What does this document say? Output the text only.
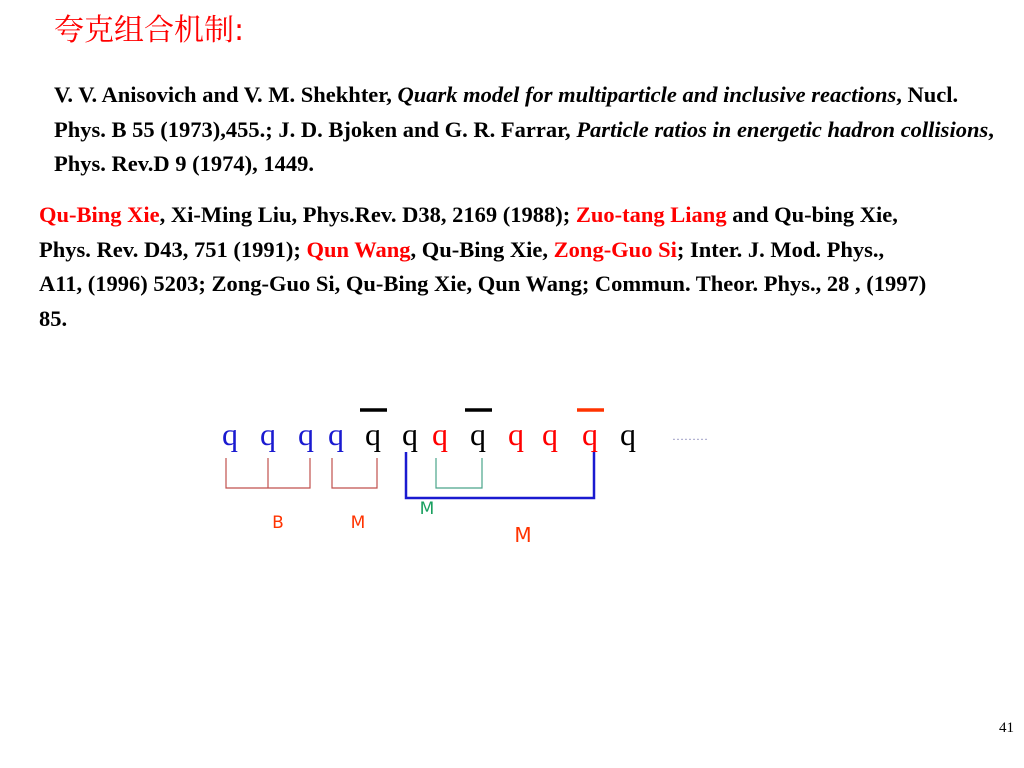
夸克组合机制:
V. V. Anisovich and V. M. Shekhter, Quark model for multiparticle and inclusive reactions, Nucl. Phys. B 55 (1973),455.; J. D. Bjoken and G. R. Farrar, Particle ratios in energetic hadron collisions, Phys. Rev.D 9 (1974), 1449.
Qu-Bing Xie, Xi-Ming Liu, Phys.Rev. D38, 2169 (1988); Zuo-tang Liang and Qu-bing Xie, Phys. Rev. D43, 751 (1991); Qun Wang, Qu-Bing Xie, Zong-Guo Si; Inter. J. Mod. Phys., A11, (1996) 5203; Zong-Guo Si, Qu-Bing Xie, Qun Wang; Commun. Theor. Phys., 28 , (1997) 85.
q q q q q q q q q q q q	………
B	M
M
M
41
